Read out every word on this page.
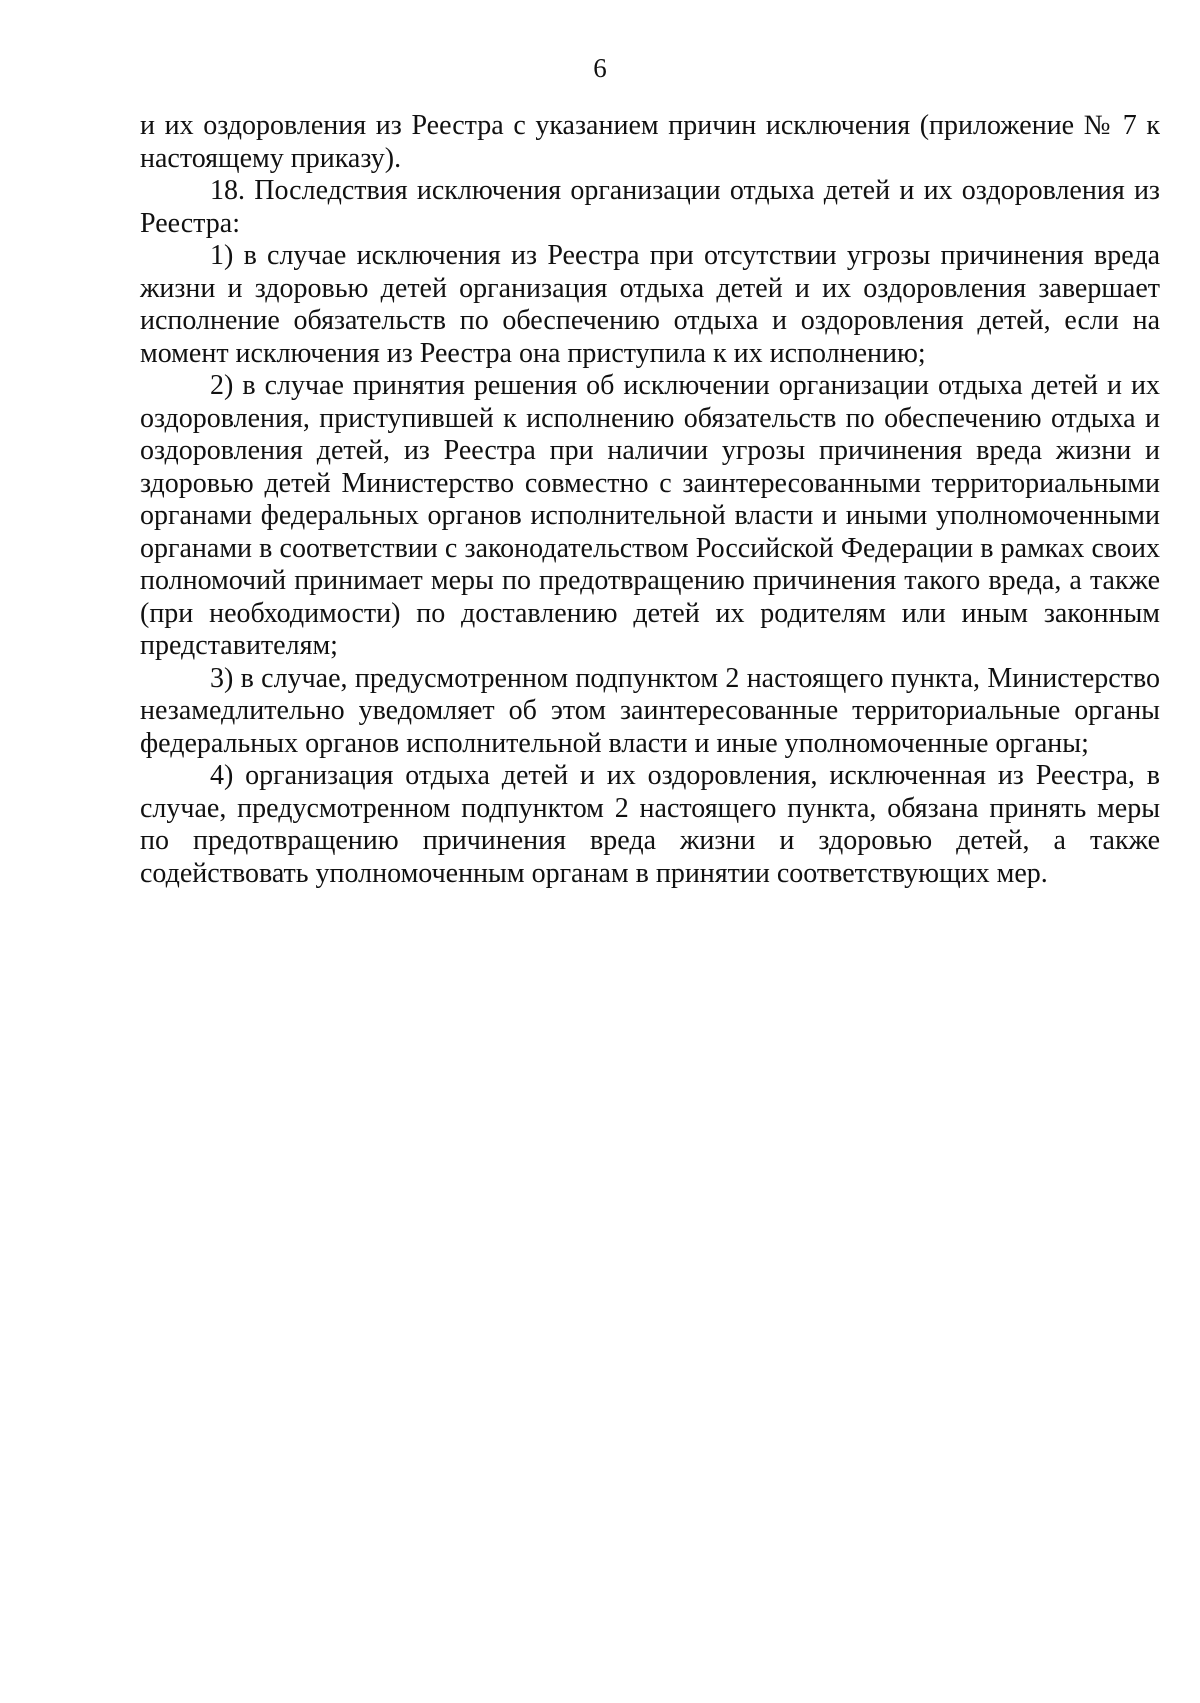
6

и их оздоровления из Реестра с указанием причин исключения (приложение № 7 к настоящему приказу).

18. Последствия исключения организации отдыха детей и их оздоровления из Реестра:

1) в случае исключения из Реестра при отсутствии угрозы причинения вреда жизни и здоровью детей организация отдыха детей и их оздоровления завершает исполнение обязательств по обеспечению отдыха и оздоровления детей, если на момент исключения из Реестра она приступила к их исполнению;

2) в случае принятия решения об исключении организации отдыха детей и их оздоровления, приступившей к исполнению обязательств по обеспечению отдыха и оздоровления детей, из Реестра при наличии угрозы причинения вреда жизни и здоровью детей Министерство совместно с заинтересованными территориальными органами федеральных органов исполнительной власти и иными уполномоченными органами в соответствии с законодательством Российской Федерации в рамках своих полномочий принимает меры по предотвращению причинения такого вреда, а также (при необходимости) по доставлению детей их родителям или иным законным представителям;

3) в случае, предусмотренном подпунктом 2 настоящего пункта, Министерство незамедлительно уведомляет об этом заинтересованные территориальные органы федеральных органов исполнительной власти и иные уполномоченные органы;

4) организация отдыха детей и их оздоровления, исключенная из Реестра, в случае, предусмотренном подпунктом 2 настоящего пункта, обязана принять меры по предотвращению причинения вреда жизни и здоровью детей, а также содействовать уполномоченным органам в принятии соответствующих мер.
